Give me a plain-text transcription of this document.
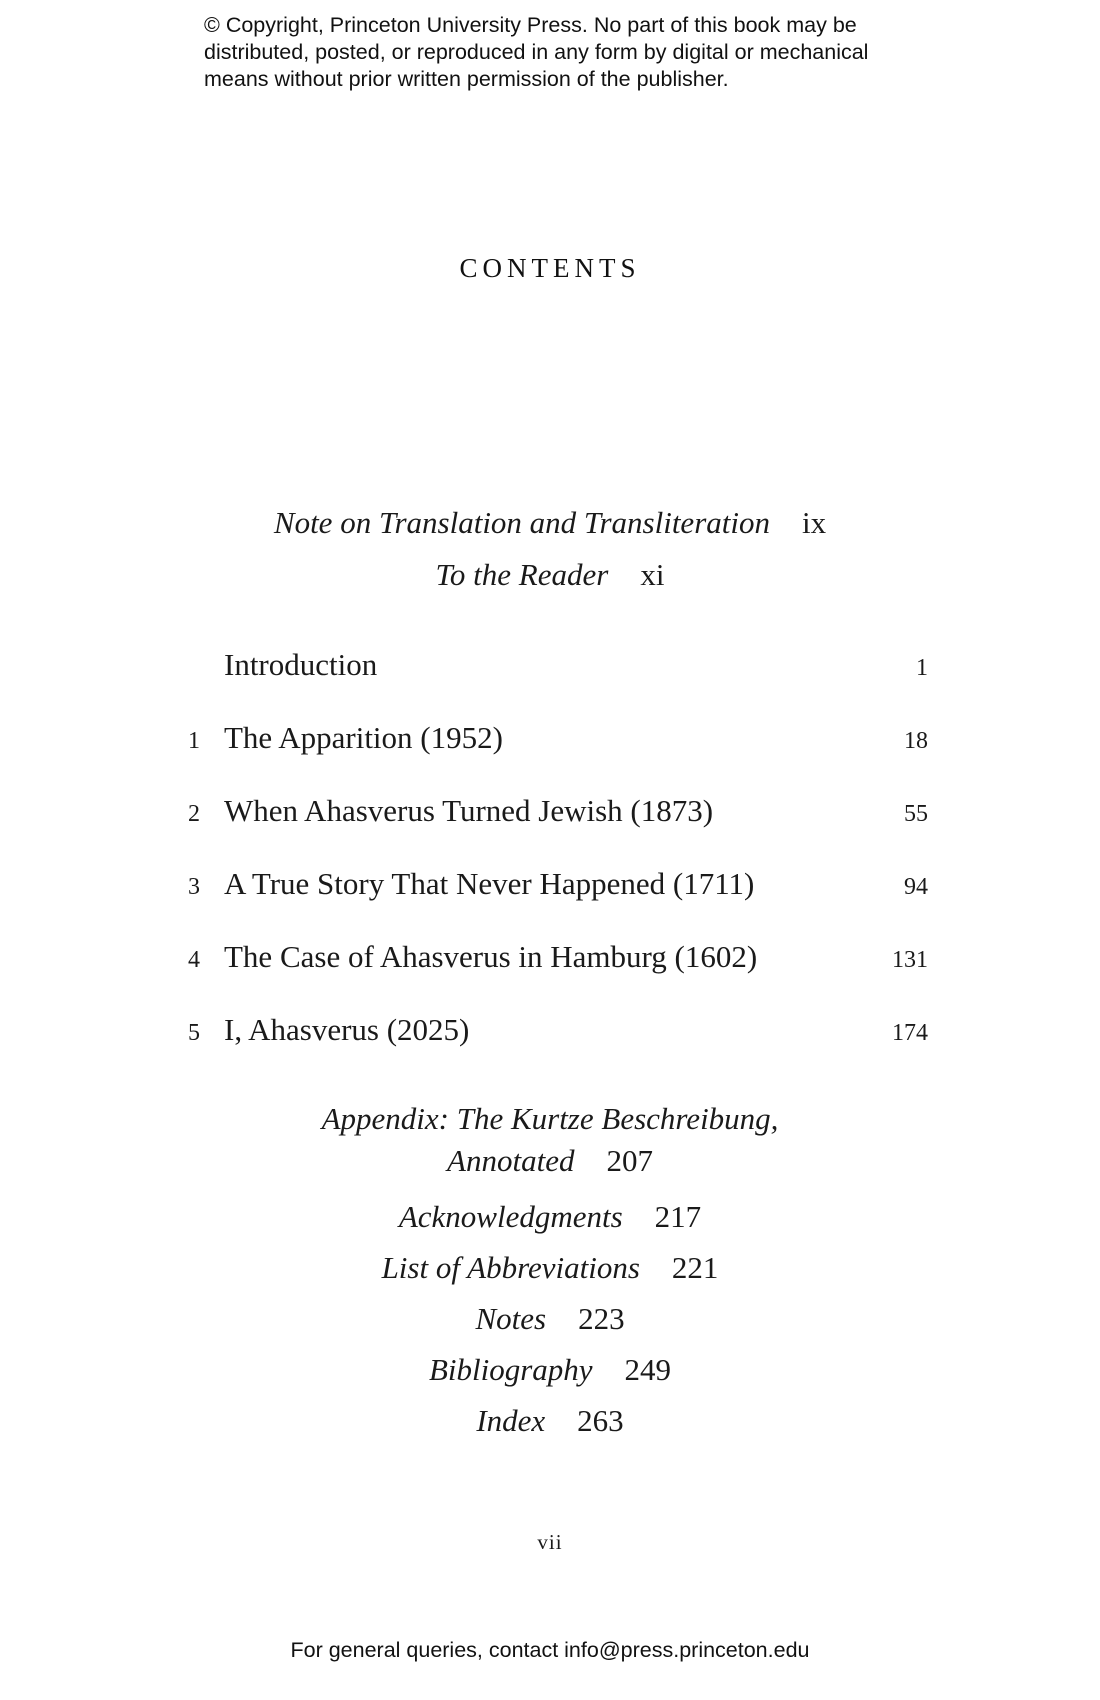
© Copyright, Princeton University Press. No part of this book may be
distributed, posted, or reproduced in any form by digital or mechanical
means without prior written permission of the publisher.
CONTENTS
Note on Translation and Transliteration ix
To the Reader xi
Introduction	1
1 The Apparition (1952)	18
2 When Ahasverus Turned Jewish (1873)	55
3 A True Story That Never Happened (1711)	94
4 The Case of Ahasverus in Hamburg (1602)	131
5 I, Ahasverus (2025)	174
Appendix: The Kurtze Beschreibung,
Annotated 207
Acknowledgments 217
List of Abbreviations 221
Notes 223
Bibliography 249
Index 263
vii
For general queries, contact info@press.princeton.edu
